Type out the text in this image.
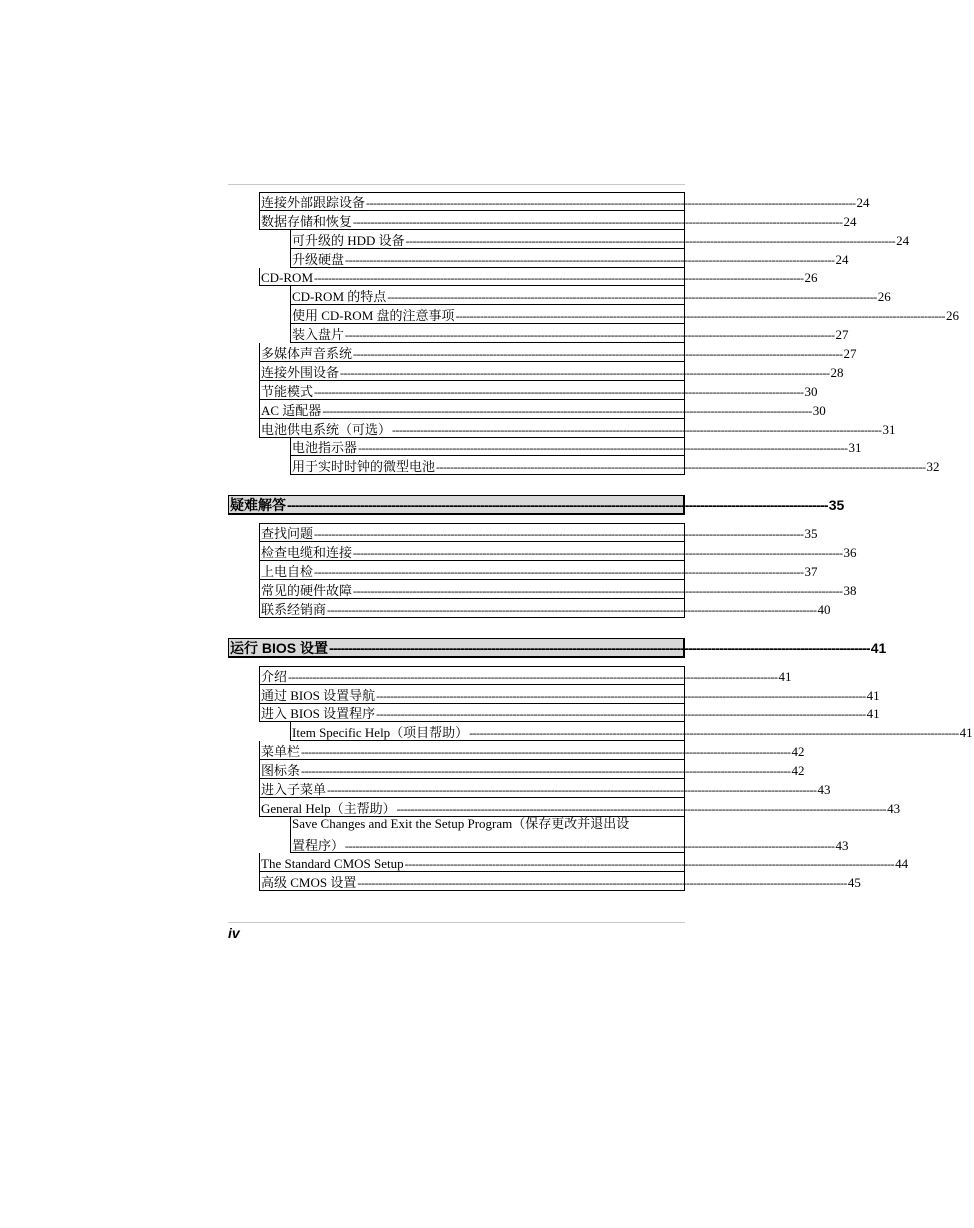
连接外部跟踪设备 -------------------------------------------------------------------------------------------------------------------------------------------- 24
数据存储和恢复 -------------------------------------------------------------------------------------------------------------------------------------------- 24
可升级的 HDD 设备 -------------------------------------------------------------------------------------------------------------------------------------------- 24
升级硬盘 -------------------------------------------------------------------------------------------------------------------------------------------- 24
CD-ROM -------------------------------------------------------------------------------------------------------------------------------------------- 26
CD-ROM 的特点 -------------------------------------------------------------------------------------------------------------------------------------------- 26
使用 CD-ROM 盘的注意事项 -------------------------------------------------------------------------------------------------------------------------------------------- 26
装入盘片 -------------------------------------------------------------------------------------------------------------------------------------------- 27
多媒体声音系统 -------------------------------------------------------------------------------------------------------------------------------------------- 27
连接外围设备 -------------------------------------------------------------------------------------------------------------------------------------------- 28
节能模式 -------------------------------------------------------------------------------------------------------------------------------------------- 30
AC 适配器 -------------------------------------------------------------------------------------------------------------------------------------------- 30
电池供电系统（可选） -------------------------------------------------------------------------------------------------------------------------------------------- 31
电池指示器 -------------------------------------------------------------------------------------------------------------------------------------------- 31
用于实时时钟的微型电池 -------------------------------------------------------------------------------------------------------------------------------------------- 32
疑难解答 -------------------------------------------------------------------------------------------------------------------------------------------- 35
查找问题 -------------------------------------------------------------------------------------------------------------------------------------------- 35
检查电缆和连接 -------------------------------------------------------------------------------------------------------------------------------------------- 36
上电自检 -------------------------------------------------------------------------------------------------------------------------------------------- 37
常见的硬件故障 -------------------------------------------------------------------------------------------------------------------------------------------- 38
联系经销商 -------------------------------------------------------------------------------------------------------------------------------------------- 40
运行 BIOS 设置 -------------------------------------------------------------------------------------------------------------------------------------------- 41
介绍 -------------------------------------------------------------------------------------------------------------------------------------------- 41
通过 BIOS 设置导航 -------------------------------------------------------------------------------------------------------------------------------------------- 41
进入 BIOS 设置程序 -------------------------------------------------------------------------------------------------------------------------------------------- 41
Item Specific Help（项目帮助） -------------------------------------------------------------------------------------------------------------------------------------------- 41
菜单栏 -------------------------------------------------------------------------------------------------------------------------------------------- 42
图标条 -------------------------------------------------------------------------------------------------------------------------------------------- 42
进入子菜单 -------------------------------------------------------------------------------------------------------------------------------------------- 43
General Help（主帮助） -------------------------------------------------------------------------------------------------------------------------------------------- 43
Save Changes and Exit the Setup Program（保存更改并退出设
置程序） -------------------------------------------------------------------------------------------------------------------------------------------- 43
The Standard CMOS Setup -------------------------------------------------------------------------------------------------------------------------------------------- 44
高级 CMOS 设置 -------------------------------------------------------------------------------------------------------------------------------------------- 45
iv
